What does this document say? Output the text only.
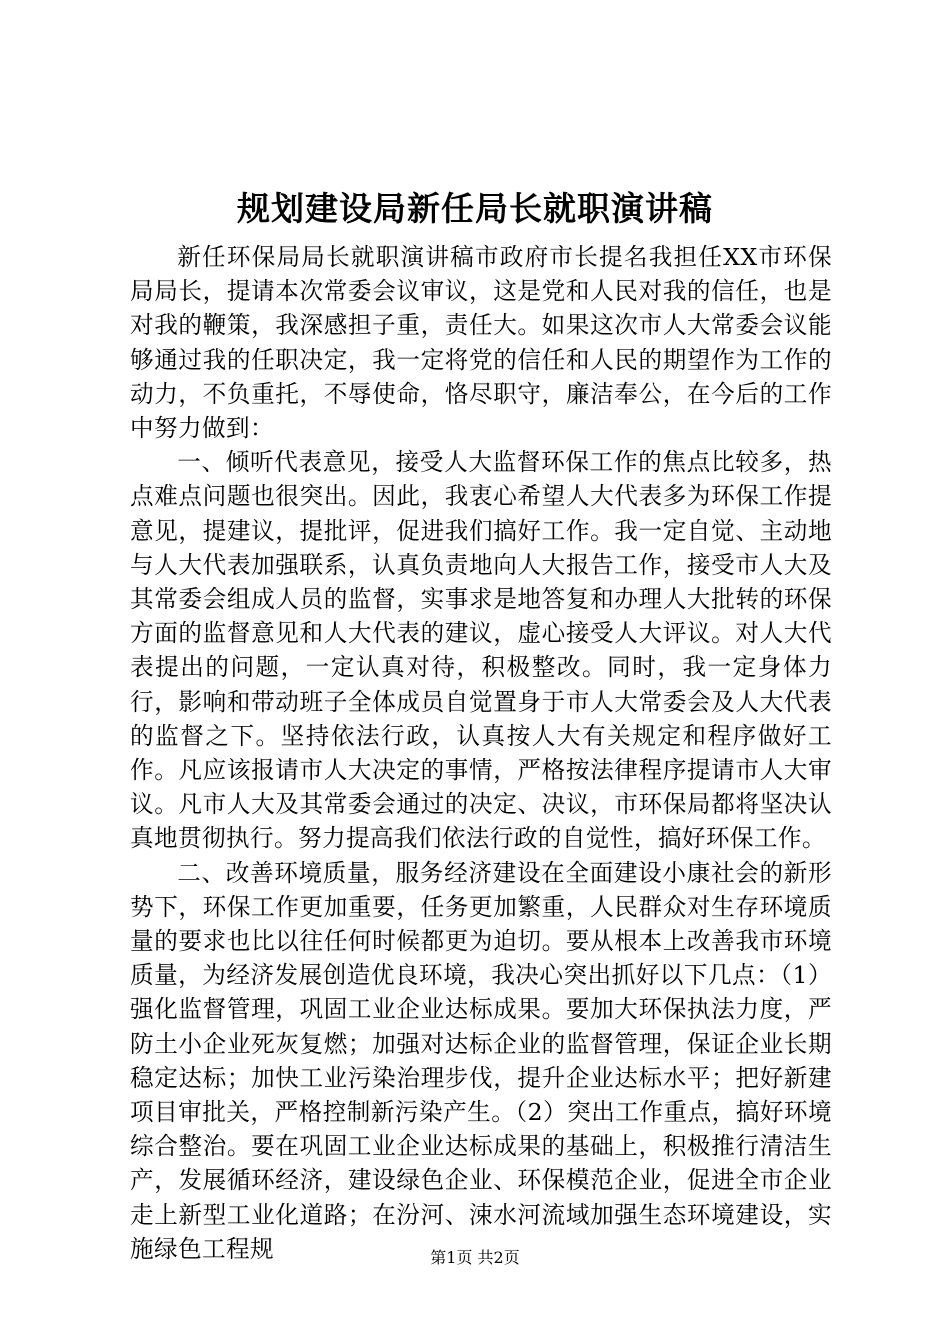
规划建设局新任局长就职演讲稿

新任环保局局长就职演讲稿市政府市长提名我担任XX市环保局局长，提请本次常委会议审议，这是党和人民对我的信任，也是对我的鞭策，我深感担子重，责任大。如果这次市人大常委会议能够通过我的任职决定，我一定将党的信任和人民的期望作为工作的动力，不负重托，不辱使命，恪尽职守，廉洁奉公，在今后的工作中努力做到：

一、倾听代表意见，接受人大监督环保工作的焦点比较多，热点难点问题也很突出。因此，我衷心希望人大代表多为环保工作提意见，提建议，提批评，促进我们搞好工作。我一定自觉、主动地与人大代表加强联系，认真负责地向人大报告工作，接受市人大及其常委会组成人员的监督，实事求是地答复和办理人大批转的环保方面的监督意见和人大代表的建议，虚心接受人大评议。对人大代表提出的问题，一定认真对待，积极整改。同时，我一定身体力行，影响和带动班子全体成员自觉置身于市人大常委会及人大代表的监督之下。坚持依法行政，认真按人大有关规定和程序做好工作。凡应该报请市人大决定的事情，严格按法律程序提请市人大审议。凡市人大及其常委会通过的决定、决议，市环保局都将坚决认真地贯彻执行。努力提高我们依法行政的自觉性，搞好环保工作。

二、改善环境质量，服务经济建设在全面建设小康社会的新形势下，环保工作更加重要，任务更加繁重，人民群众对生存环境质量的要求也比以往任何时候都更为迫切。要从根本上改善我市环境质量，为经济发展创造优良环境，我决心突出抓好以下几点：（1）强化监督管理，巩固工业企业达标成果。要加大环保执法力度，严防土小企业死灰复燃；加强对达标企业的监督管理，保证企业长期稳定达标；加快工业污染治理步伐，提升企业达标水平；把好新建项目审批关，严格控制新污染产生。（2）突出工作重点，搞好环境综合整治。要在巩固工业企业达标成果的基础上，积极推行清洁生产，发展循环经济，建设绿色企业、环保模范企业，促进全市企业走上新型工业化道路；在汾河、涑水河流域加强生态环境建设，实施绿色工程规	第1页 共2页
